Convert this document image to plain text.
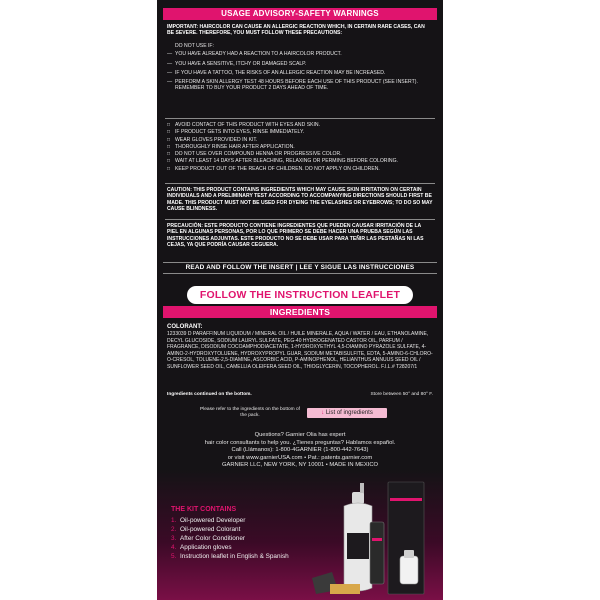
USAGE ADVISORY-SAFETY WARNINGS
IMPORTANT: HAIRCOLOR CAN CAUSE AN ALLERGIC REACTION WHICH, IN CERTAIN RARE CASES, CAN BE SEVERE. THEREFORE, YOU MUST FOLLOW THESE PRECAUTIONS:
DO NOT USE IF:
— YOU HAVE ALREADY HAD A REACTION TO A HAIRCOLOR PRODUCT.
— YOU HAVE A SENSITIVE, ITCHY OR DAMAGED SCALP.
— IF YOU HAVE A TATTOO, THE RISKS OF AN ALLERGIC REACTION MAY BE INCREASED.
— PERFORM A SKIN ALLERGY TEST 48 HOURS BEFORE EACH USE OF THIS PRODUCT (SEE INSERT). REMEMBER TO BUY YOUR PRODUCT 2 DAYS AHEAD OF TIME.
□ AVOID CONTACT OF THIS PRODUCT WITH EYES AND SKIN.
□ IF PRODUCT GETS INTO EYES, RINSE IMMEDIATELY.
□ WEAR GLOVES PROVIDED IN KIT.
□ THOROUGHLY RINSE HAIR AFTER APPLICATION.
□ DO NOT USE OVER COMPOUND HENNA OR PROGRESSIVE COLOR.
□ WAIT AT LEAST 14 DAYS AFTER BLEACHING, RELAXING OR PERMING BEFORE COLORING.
□ KEEP PRODUCT OUT OF THE REACH OF CHILDREN. DO NOT APPLY ON CHILDREN.
CAUTION: THIS PRODUCT CONTAINS INGREDIENTS WHICH MAY CAUSE SKIN IRRITATION ON CERTAIN INDIVIDUALS AND A PRELIMINARY TEST ACCORDING TO ACCOMPANYING DIRECTIONS SHOULD FIRST BE MADE. THIS PRODUCT MUST NOT BE USED FOR DYEING THE EYELASHES OR EYEBROWS; TO DO SO MAY CAUSE BLINDNESS.
PRECAUCIÓN: ESTE PRODUCTO CONTIENE INGREDIENTES QUE PUEDEN CAUSAR IRRITACIÓN DE LA PIEL EN ALGUNAS PERSONAS, POR LO QUE PRIMERO SE DEBE HACER UNA PRUEBA SEGÚN LAS INSTRUCCIONES ADJUNTAS. ESTE PRODUCTO NO SE DEBE USAR PARA TEÑIR LAS PESTAÑAS NI LAS CEJAS, YA QUE PODRÍA CAUSAR CEGUERA.
READ AND FOLLOW THE INSERT | LEE Y SIGUE LAS INSTRUCCIONES
FOLLOW THE INSTRUCTION LEAFLET
INGREDIENTS
COLORANT:
1233039 D PARAFFINUM LIQUIDUM / MINERAL OIL / HUILE MINERALE, AQUA / WATER / EAU, ETHANOLAMINE, DECYL GLUCOSIDE, SODIUM LAURYL SULFATE, PEG-40 HYDROGENATED CASTOR OIL, PARFUM / FRAGRANCE, DISODIUM COCOAMPHODIACETATE, 1-HYDROXYETHYL 4,5-DIAMINO PYRAZOLE SULFATE, 4-AMINO-2-HYDROXYTOLUENE, HYDROXYPROPYL GUAR, SODIUM METABISULFITE, EDTA, 5-AMINO-6-CHLORO-O-CRESOL, TOLUENE-2,5-DIAMINE, ASCORBIC ACID, P-AMINOPHENOL, HELIANTHUS ANNUUS SEED OIL / SUNFLOWER SEED OIL, CAMELLIA OLEIFERA SEED OIL, THIOGLYCERIN, TOCOPHEROL. F.I.L.# T28207/1
Ingredients continued on the bottom.	Store between 50° and 80° F.
Please refer to the ingredients on the bottom of the pack.	↓ List of ingredients
Questions? Garnier Olia has expert
hair color consultants to help you. ¿Tienes preguntas? Hablamos español.
Call (Llámanos): 1-800-4GARNIER (1-800-442-7643)
or visit www.garnierUSA.com • Pat.: patents.garnier.com
GARNIER LLC, NEW YORK, NY 10001 • MADE IN MEXICO
THE KIT CONTAINS
1. Oil-powered Developer
2. Oil-powered Colorant
3. After Color Conditioner
4. Application gloves
5. Instruction leaflet in English & Spanish
